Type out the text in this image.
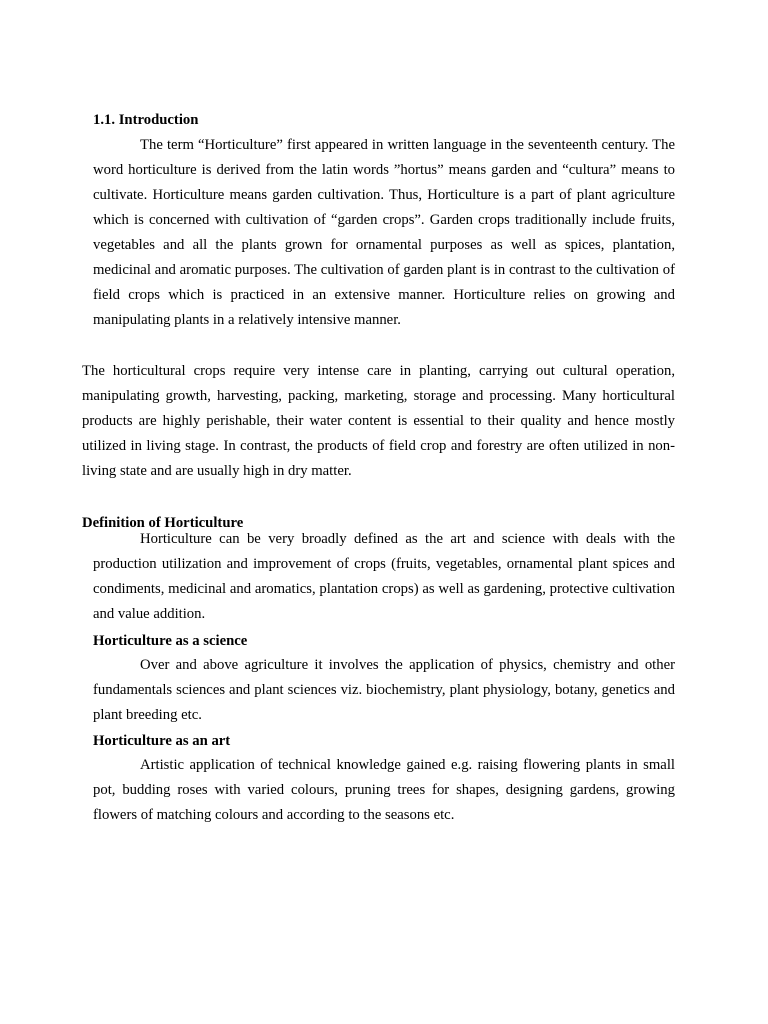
1.1. Introduction
The term “Horticulture” first appeared in written language in the seventeenth century. The word horticulture is derived from the latin words ”hortus” means garden and “cultura” means to cultivate. Horticulture means garden cultivation. Thus, Horticulture is a part of plant agriculture which is concerned with cultivation of “garden crops”. Garden crops traditionally include fruits, vegetables and all the plants grown for ornamental purposes as well as spices, plantation, medicinal and aromatic purposes. The cultivation of garden plant is in contrast to the cultivation of field crops which is practiced in an extensive manner. Horticulture relies on growing and manipulating plants in a relatively intensive manner.
The horticultural crops require very intense care in planting, carrying out cultural operation, manipulating growth, harvesting, packing, marketing, storage and processing. Many horticultural products are highly perishable, their water content is essential to their quality and hence mostly utilized in living stage. In contrast, the products of field crop and forestry are often utilized in non-living state and are usually high in dry matter.
Definition of Horticulture
Horticulture can be very broadly defined as the art and science with deals with the production utilization and improvement of crops (fruits, vegetables, ornamental plant spices and condiments, medicinal and aromatics, plantation crops) as well as gardening, protective cultivation and value addition.
Horticulture as a science
Over and above agriculture it involves the application of physics, chemistry and other fundamentals sciences and plant sciences viz. biochemistry, plant physiology, botany, genetics and plant breeding etc.
Horticulture as an art
Artistic application of technical knowledge gained e.g. raising flowering plants in small pot, budding roses with varied colours, pruning trees for shapes, designing gardens, growing flowers of matching colours and according to the seasons etc.
